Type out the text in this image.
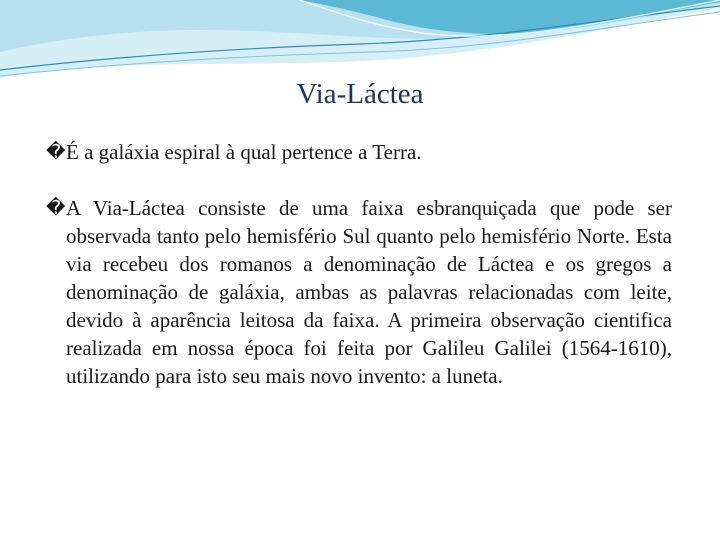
Via-Láctea
� É a galáxia espiral à qual pertence a Terra.
� A Via-Láctea consiste de uma faixa esbranquiçada que pode ser observada tanto pelo hemisfério Sul quanto pelo hemisfério Norte. Esta via recebeu dos romanos a denominação de Láctea e os gregos a denominação de galáxia, ambas as palavras relacionadas com leite, devido à aparência leitosa da faixa. A primeira observação cientifica realizada em nossa época foi feita por Galileu Galilei (1564-1610), utilizando para isto seu mais novo invento: a luneta.
